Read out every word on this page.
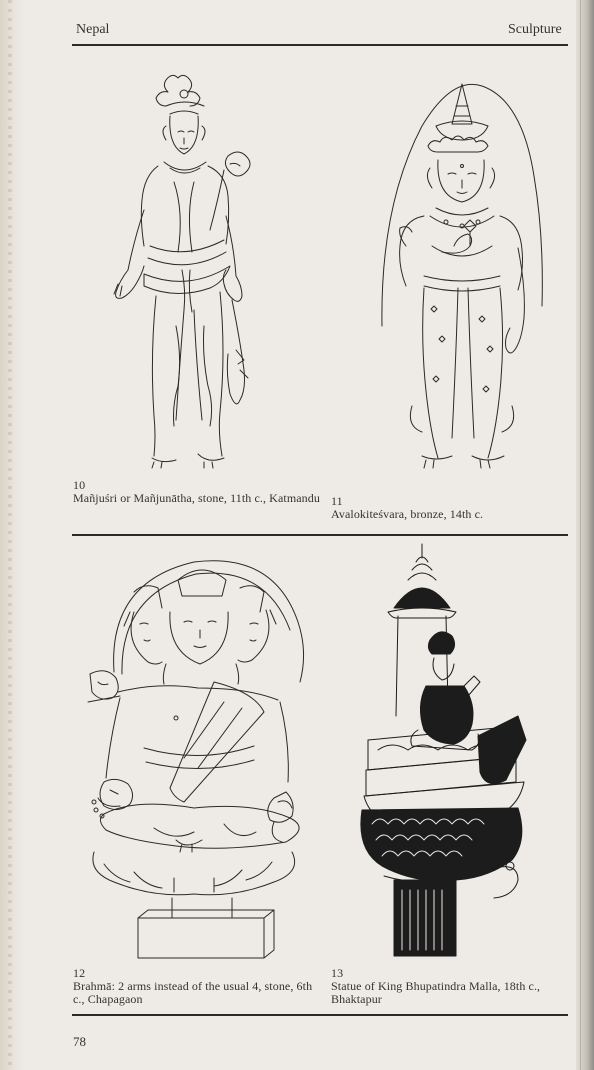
Nepal	Sculpture
10
Mañjuśri or Mañjunātha, stone, 11th c., Katmandu 11
Avalokiteśvara, bronze, 14th c.
12
Brahmā: 2 arms instead of the usual 4, stone, 6th c., Chapagaon
13
Statue of King Bhupatindra Malla, 18th c., Bhaktapur
78
